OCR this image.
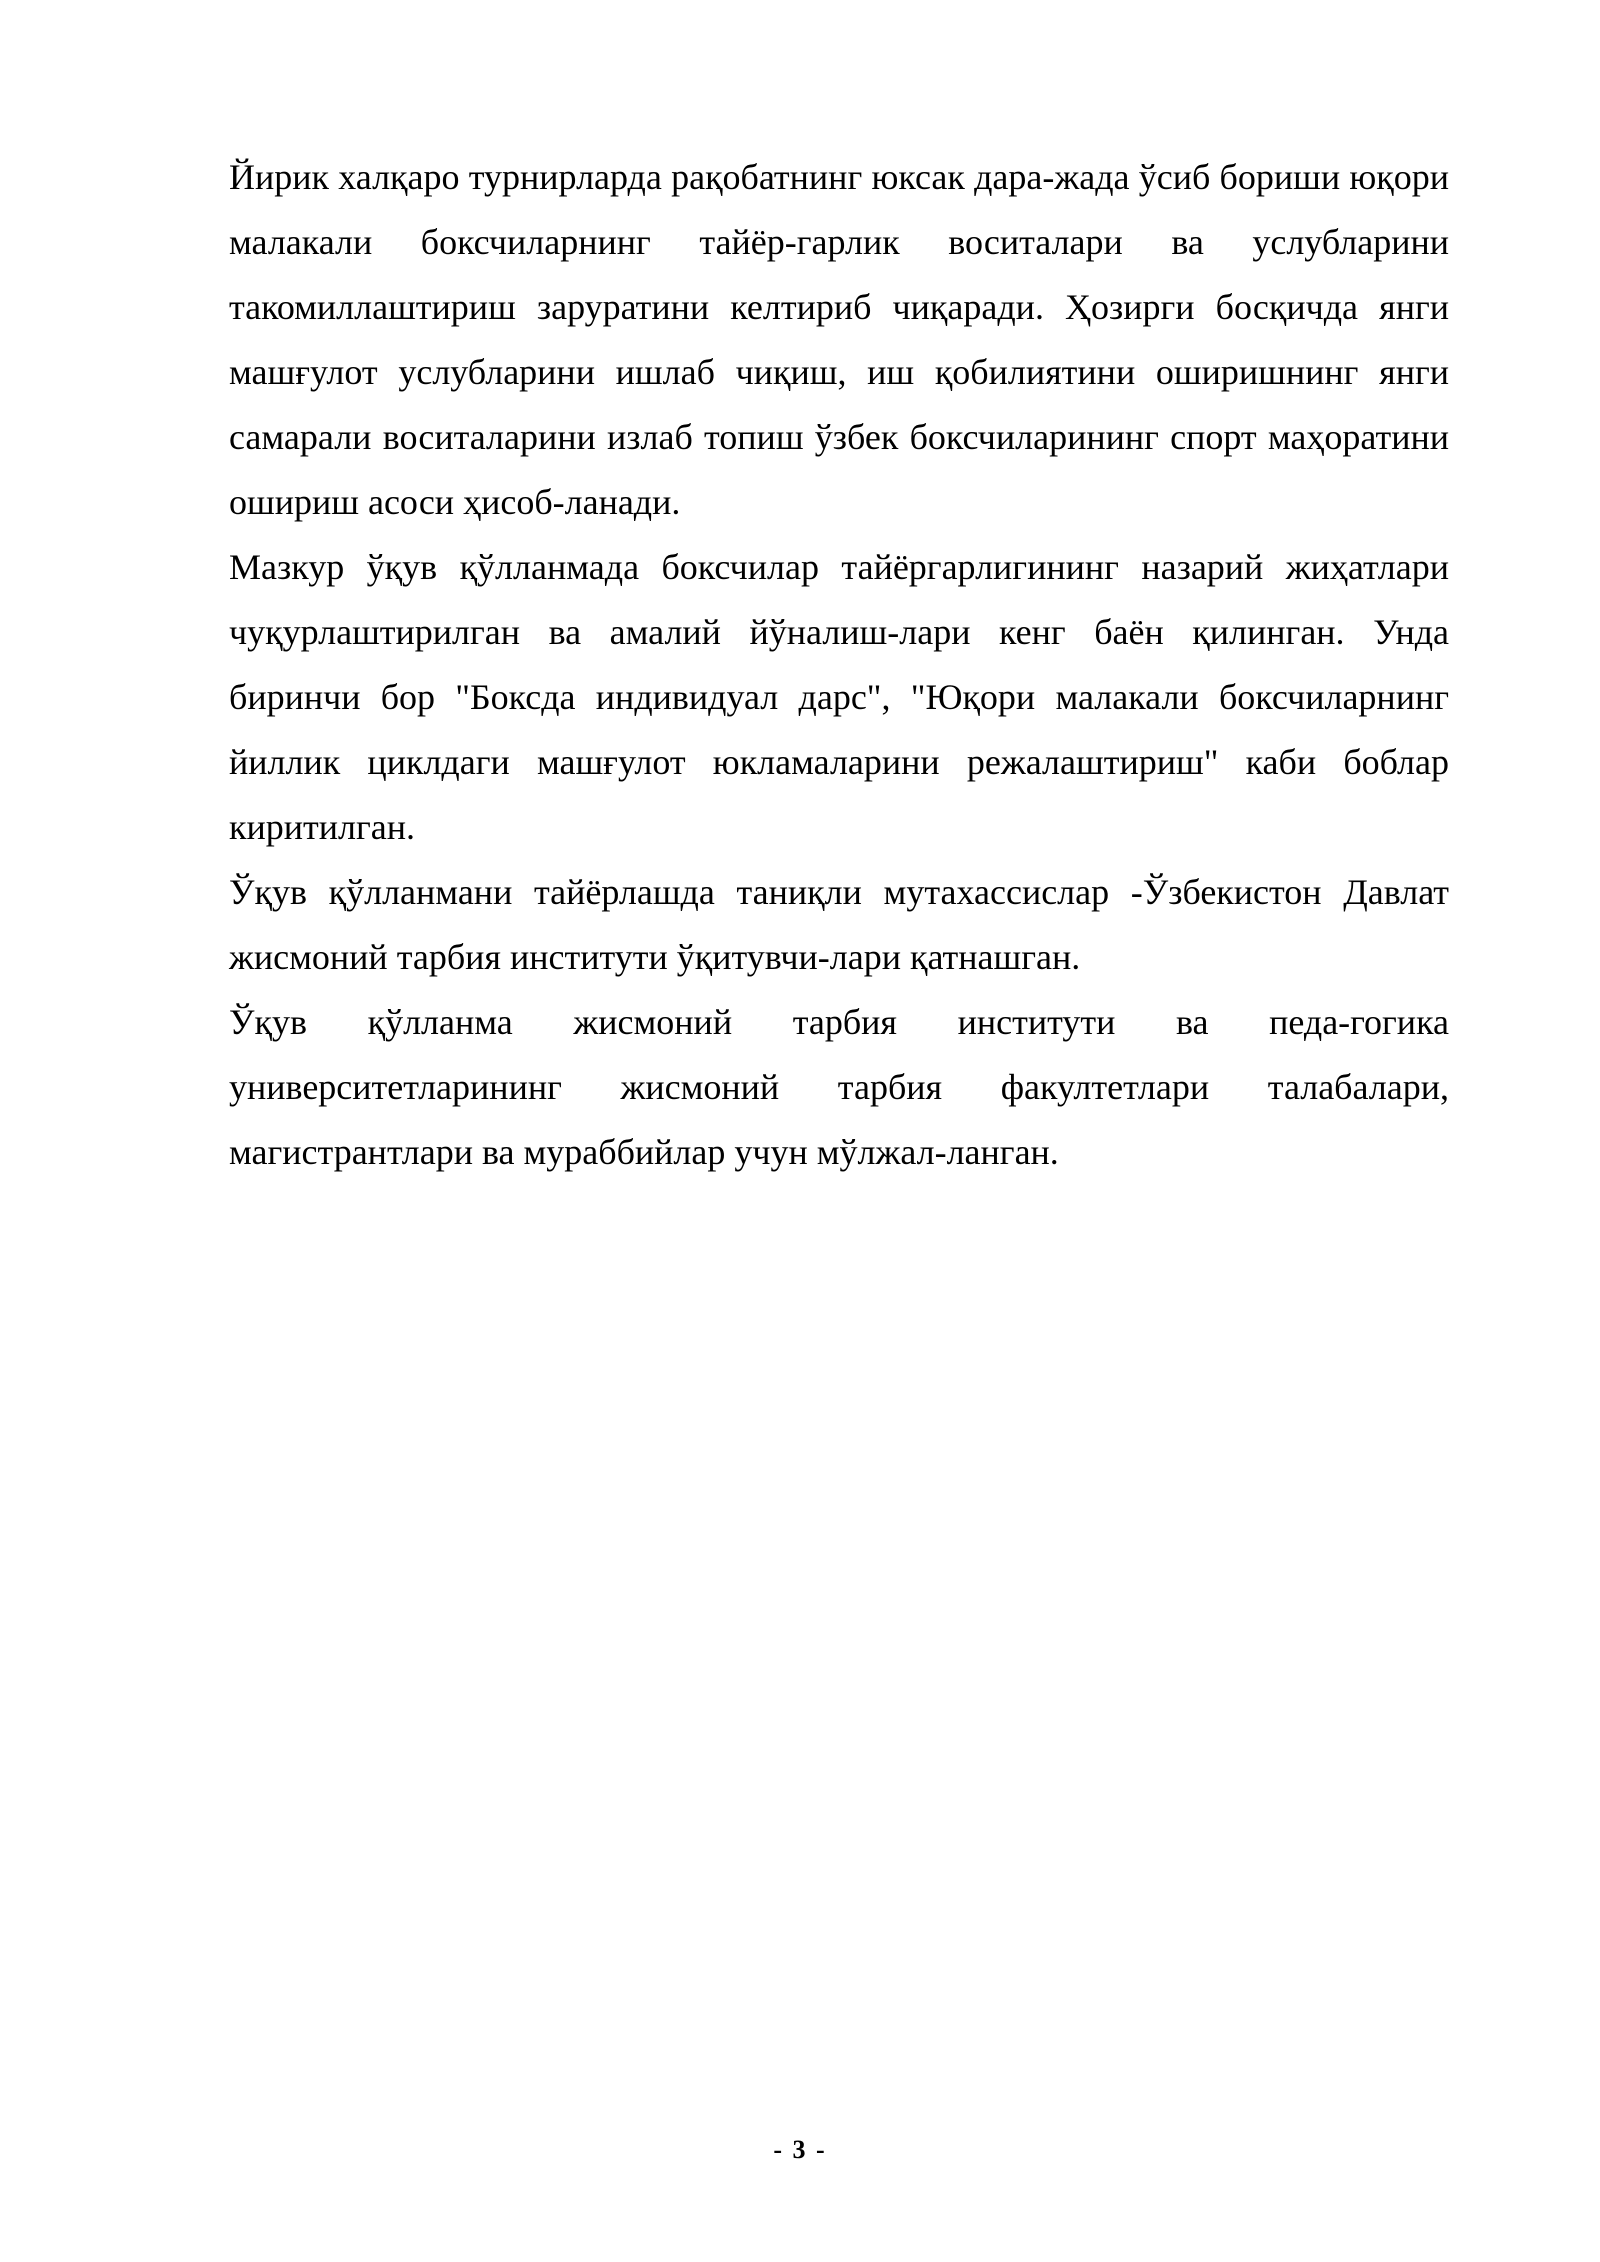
Йирик халқаро турнирларда рақобатнинг юксак дара-жада ўсиб бориши юқори малакали боксчиларнинг тайёр-гарлик воситалари ва услубларини такомиллаштириш заруратини келтириб чиқаради. Ҳозирги босқичда янги машғулот услубларини ишлаб чиқиш, иш қобилиятини оширишнинг янги самарали воситаларини излаб топиш ўзбек боксчиларининг спорт маҳоратини ошириш асоси ҳисоб-ланади.

Мазкур ўқув қўлланмада боксчилар тайёргарлигининг назарий жиҳатлари чуқурлаштирилган ва амалий йўналиш-лари кенг баён қилинган. Унда биринчи бор "Боксда индивидуал дарс", "Юқори малакали боксчиларнинг йиллик циклдаги машғулот юкламаларини режалаштириш" каби боблар киритилган.

Ўқув қўлланмани тайёрлашда таниқли мутахассислар -Ўзбекистон Давлат жисмоний тарбия институти ўқитувчи-лари қатнашган.

Ўқув қўлланма жисмоний тарбия институти ва педа-гогика университетларининг жисмоний тарбия факултетлари талабалари, магистрантлари ва мураббийлар учун мўлжал-ланган.

- 3 -
